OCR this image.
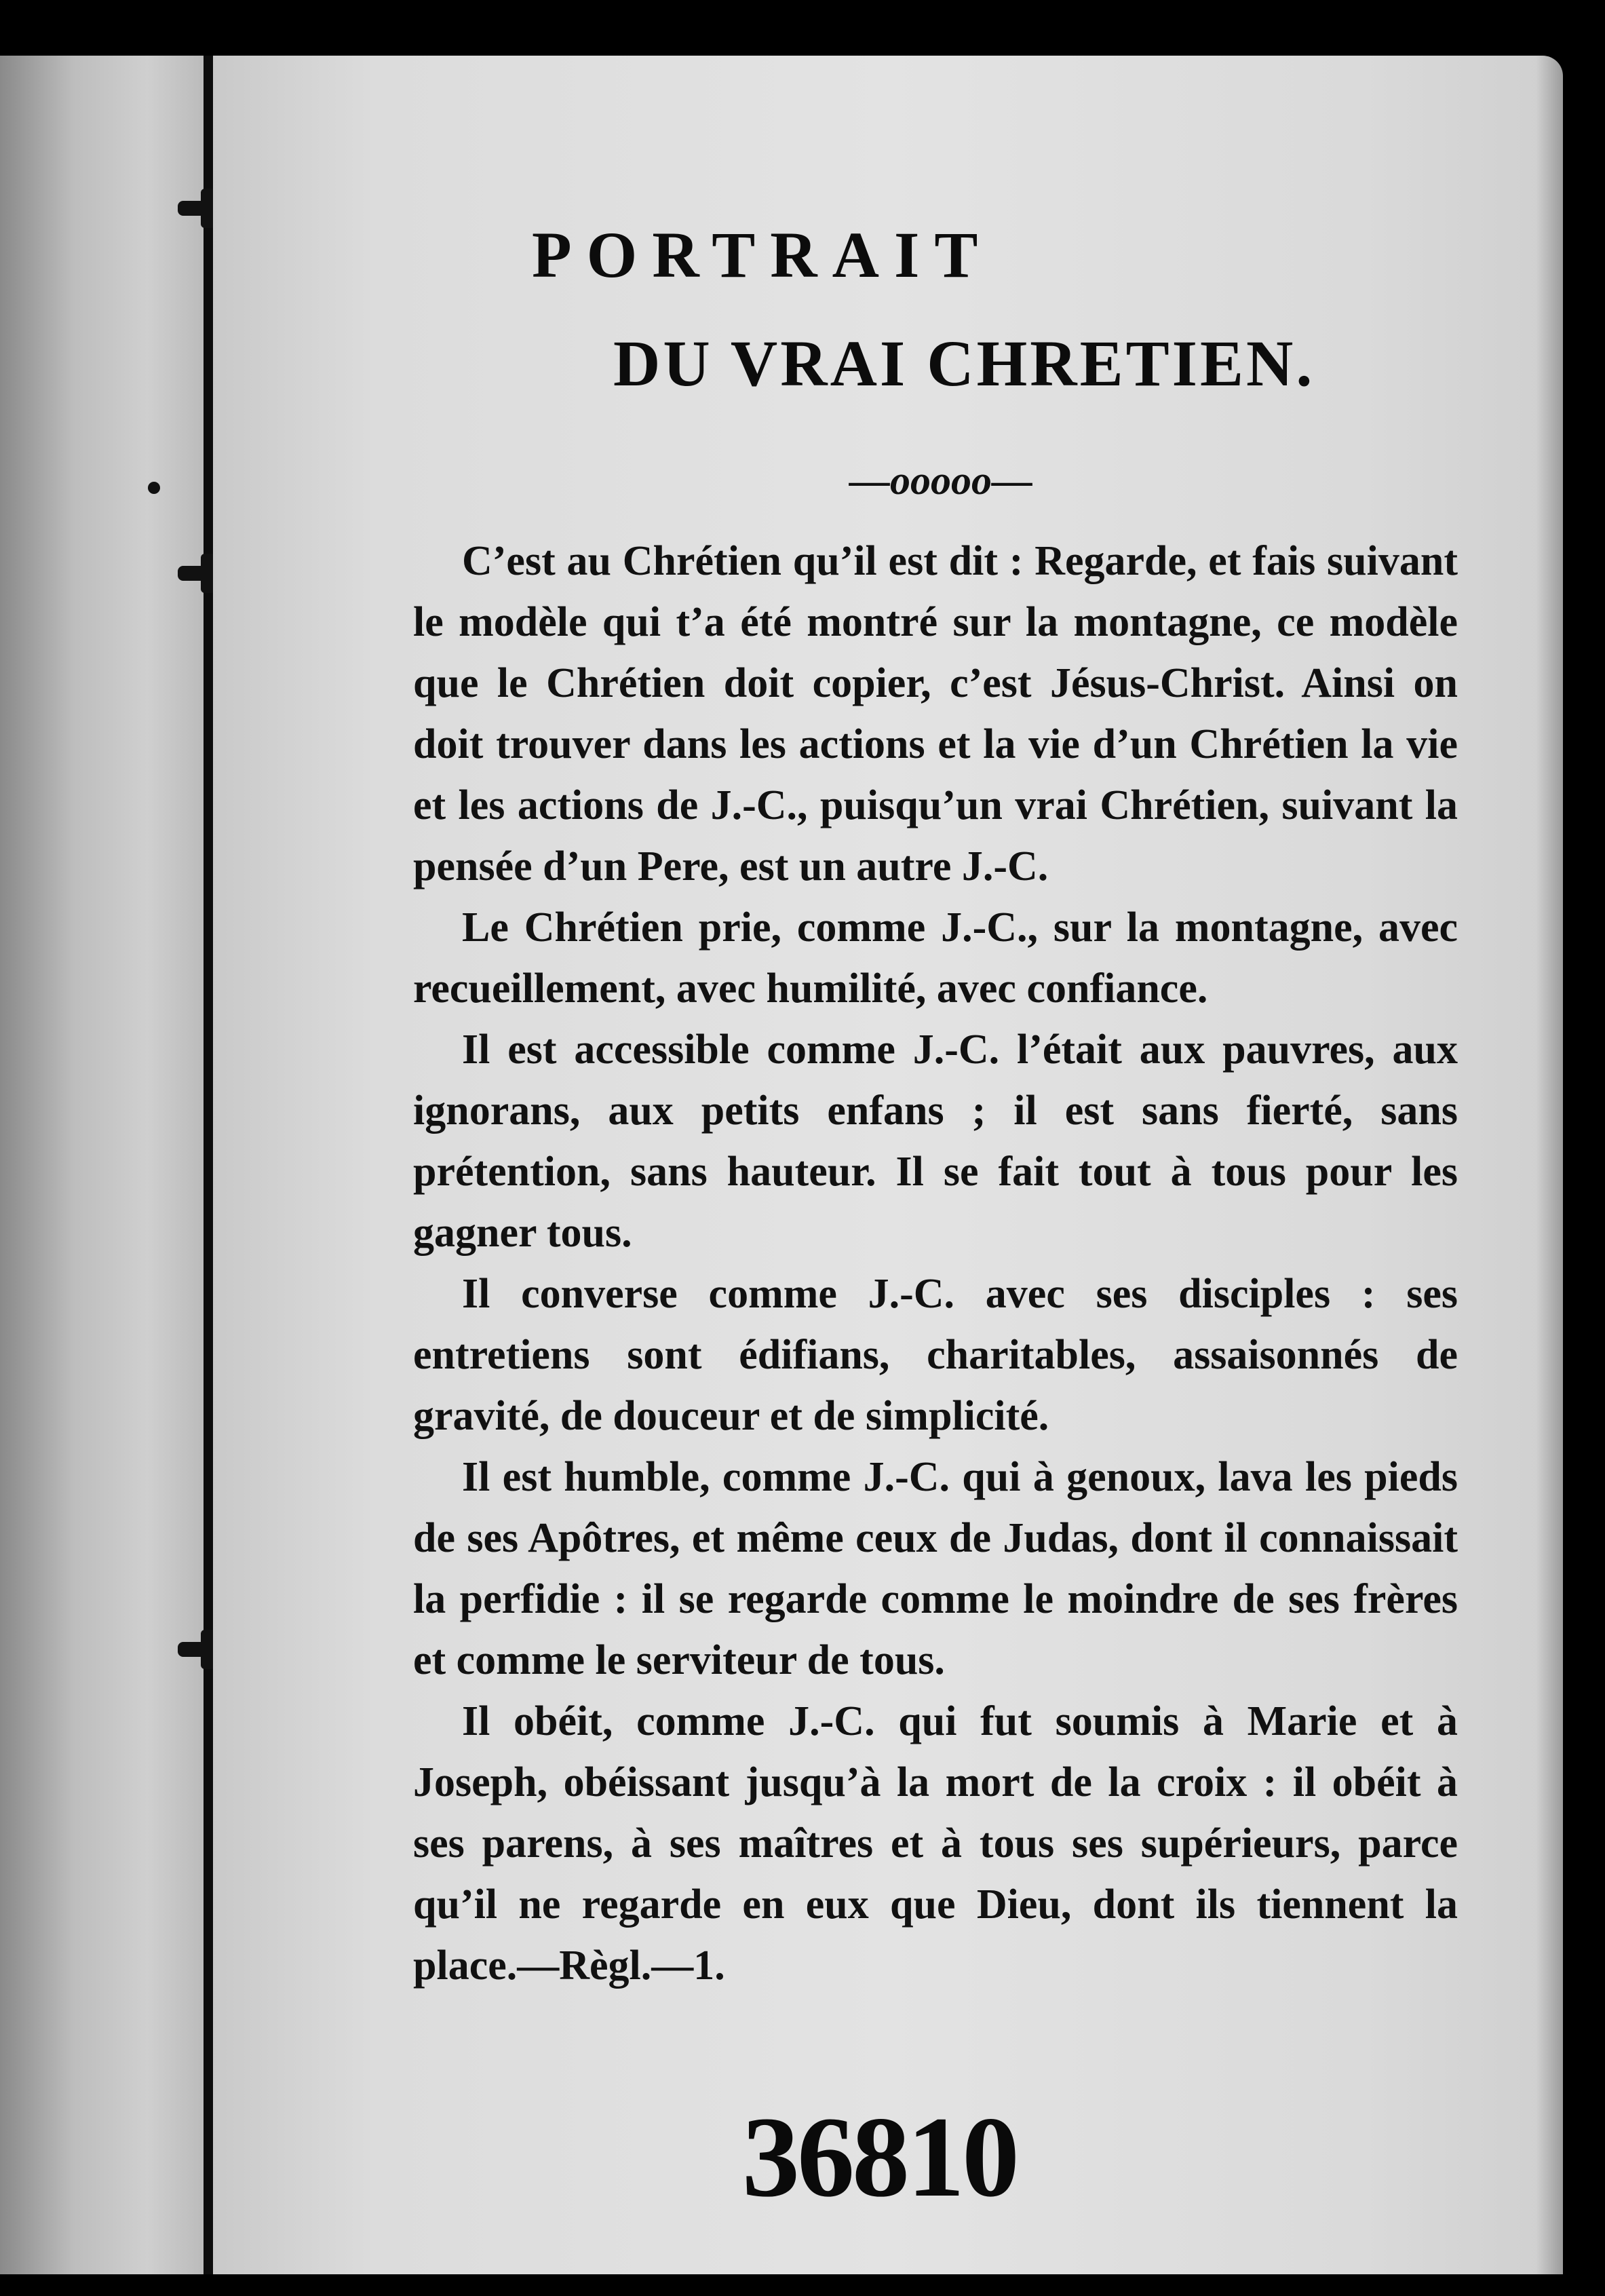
PORTRAIT
DU VRAI CHRETIEN.
—ooooo—

C’est au Chrétien qu’il est dit : Regarde, et fais suivant le modèle qui t’a été montré sur la montagne, ce modèle que le Chrétien doit copier, c’est Jésus-Christ. Ainsi on doit trouver dans les actions et la vie d’un Chrétien la vie et les actions de J.-C., puisqu’un vrai Chrétien, suivant la pensée d’un Pere, est un autre J.-C.

Le Chrétien prie, comme J.-C., sur la montagne, avec recueillement, avec humilité, avec confiance.

Il est accessible comme J.-C. l’était aux pauvres, aux ignorans, aux petits enfans ; il est sans fierté, sans prétention, sans hauteur. Il se fait tout à tous pour les gagner tous.

Il converse comme J.-C. avec ses disciples : ses entretiens sont édifians, charitables, assaisonnés de gravité, de douceur et de simplicité.

Il est humble, comme J.-C. qui à genoux, lava les pieds de ses Apôtres, et même ceux de Judas, dont il connaissait la perfidie : il se regarde comme le moindre de ses frères et comme le serviteur de tous.

Il obéit, comme J.-C. qui fut soumis à Marie et à Joseph, obéissant jusqu’à la mort de la croix : il obéit à ses parens, à ses maîtres et à tous ses supérieurs, parce qu’il ne regarde en eux que Dieu, dont ils tiennent la place.—Règl.—1.

36810
